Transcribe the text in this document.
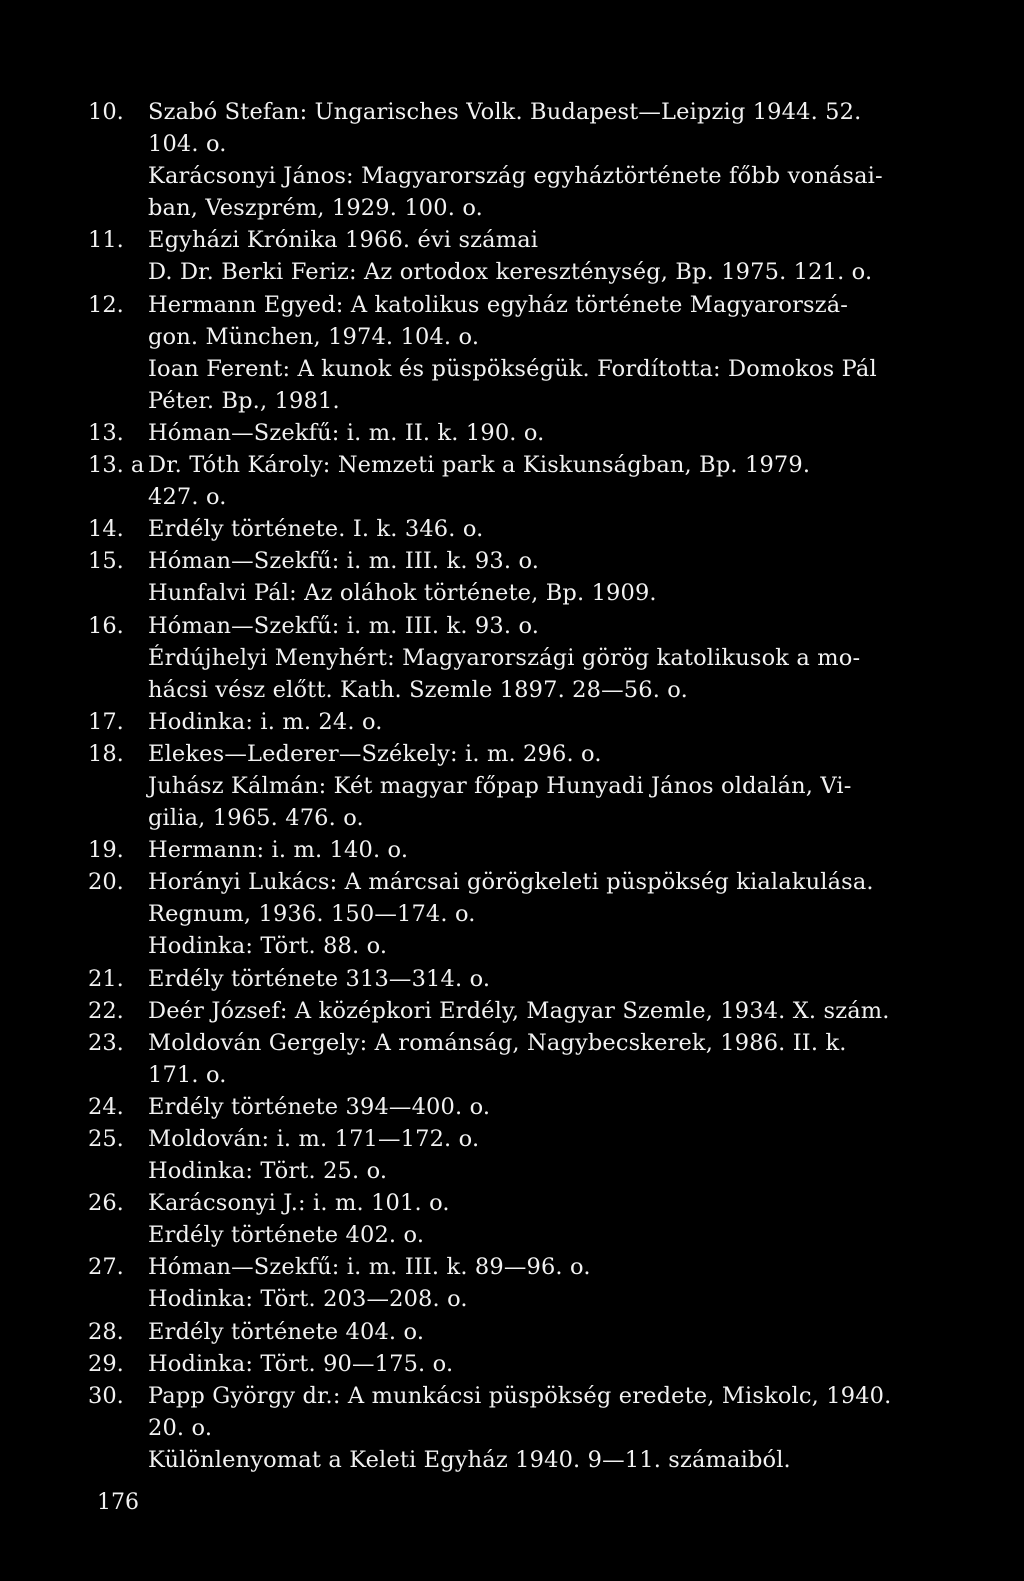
10. Szabó Stefan: Ungarisches Volk. Budapest—Leipzig 1944. 52.
104. o.
Karácsonyi János: Magyarország egyháztörténete főbb vonásai-
ban, Veszprém, 1929. 100. o.
11. Egyházi Krónika 1966. évi számai
D. Dr. Berki Feriz: Az ortodox kereszténység, Bp. 1975. 121. o.
12. Hermann Egyed: A katolikus egyház története Magyarorszá-
gon. München, 1974. 104. o.
Ioan Ferent: A kunok és püspökségük. Fordította: Domokos Pál
Péter. Bp., 1981.
13. Hóman—Szekfű: i. m. II. k. 190. o.
13. a Dr. Tóth Károly: Nemzeti park a Kiskunságban, Bp. 1979.
427. o.
14. Erdély története. I. k. 346. o.
15. Hóman—Szekfű: i. m. III. k. 93. o.
Hunfalvi Pál: Az oláhok története, Bp. 1909.
16. Hóman—Szekfű: i. m. III. k. 93. o.
Érdújhelyi Menyhért: Magyarországi görög katolikusok a mo-
hácsi vész előtt. Kath. Szemle 1897. 28—56. o.
17. Hodinka: i. m. 24. o.
18. Elekes—Lederer—Székely: i. m. 296. o.
Juhász Kálmán: Két magyar főpap Hunyadi János oldalán, Vi-
gilia, 1965. 476. o.
19. Hermann: i. m. 140. o.
20. Horányi Lukács: A márcsai görögkeleti püspökség kialakulása.
Regnum, 1936. 150—174. o.
Hodinka: Tört. 88. o.
21. Erdély története 313—314. o.
22. Deér József: A középkori Erdély, Magyar Szemle, 1934. X. szám.
23. Moldován Gergely: A románság, Nagybecskerek, 1986. II. k.
171. o.
24. Erdély története 394—400. o.
25. Moldován: i. m. 171—172. o.
Hodinka: Tört. 25. o.
26. Karácsonyi J.: i. m. 101. o.
Erdély története 402. o.
27. Hóman—Szekfű: i. m. III. k. 89—96. o.
Hodinka: Tört. 203—208. o.
28. Erdély története 404. o.
29. Hodinka: Tört. 90—175. o.
30. Papp György dr.: A munkácsi püspökség eredete, Miskolc, 1940.
20. o.
Különlenyomat a Keleti Egyház 1940. 9—11. számaiból.
176
